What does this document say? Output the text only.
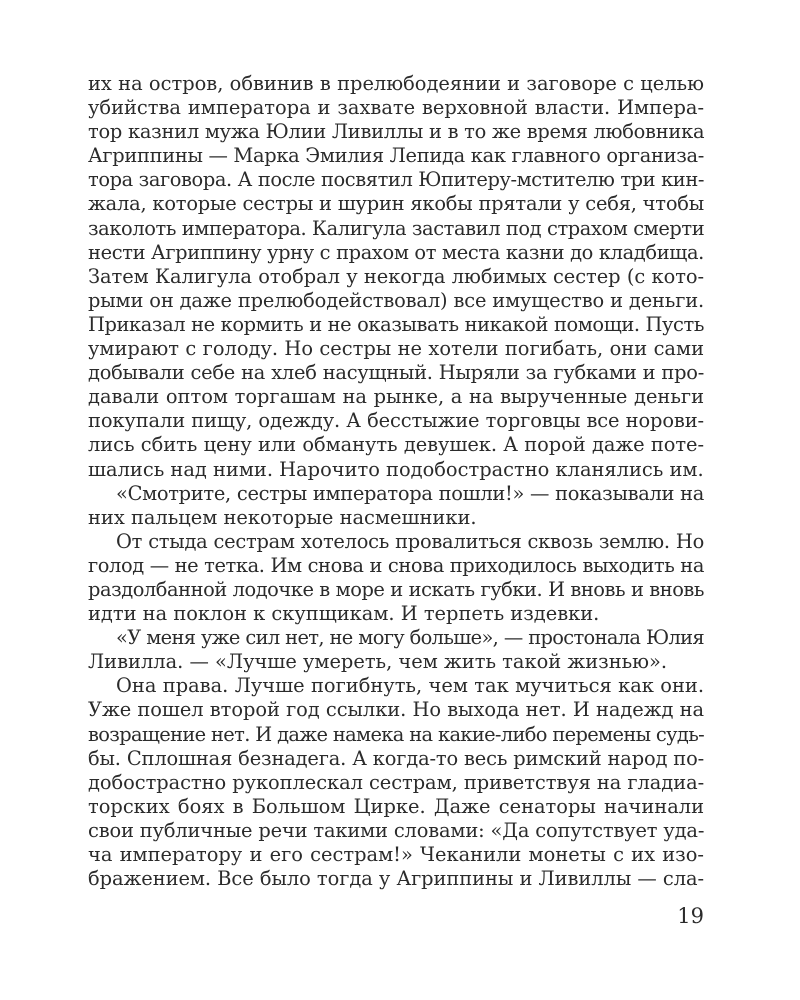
их на остров, обвинив в прелюбодеянии и заговоре с целью
убийства императора и захвате верховной власти. Импера-
тор казнил мужа Юлии Ливиллы и в то же время любовника
Агриппины — Марка Эмилия Лепида как главного организа-
тора заговора. А после посвятил Юпитеру-мстителю три кин-
жала, которые сестры и шурин якобы прятали у себя, чтобы
заколоть императора. Калигула заставил под страхом смерти
нести Агриппину урну с прахом от места казни до кладбища.
Затем Калигула отобрал у некогда любимых сестер (с кото-
рыми он даже прелюбодействовал) все имущество и деньги.
Приказал не кормить и не оказывать никакой помощи. Пусть
умирают с голоду. Но сестры не хотели погибать, они сами
добывали себе на хлеб насущный. Ныряли за губками и про-
давали оптом торгашам на рынке, а на вырученные деньги
покупали пищу, одежду. А бесстыжие торговцы все норови-
лись сбить цену или обмануть девушек. А порой даже поте-
шались над ними. Нарочито подобострастно кланялись им.
«Смотрите, сестры императора пошли!» — показывали на
них пальцем некоторые насмешники.
От стыда сестрам хотелось провалиться сквозь землю. Но
голод — не тетка. Им снова и снова приходилось выходить на
раздолбанной лодочке в море и искать губки. И вновь и вновь
идти на поклон к скупщикам. И терпеть издевки.
«У меня уже сил нет, не могу больше», — простонала Юлия
Ливилла. — «Лучше умереть, чем жить такой жизнью».
Она права. Лучше погибнуть, чем так мучиться как они.
Уже пошел второй год ссылки. Но выхода нет. И надежд на
возращение нет. И даже намека на какие-либо перемены судь-
бы. Сплошная безнадега. А когда-то весь римский народ по-
добострастно рукоплескал сестрам, приветствуя на гладиа-
торских боях в Большом Цирке. Даже сенаторы начинали
свои публичные речи такими словами: «Да сопутствует уда-
ча императору и его сестрам!» Чеканили монеты с их изо-
бражением. Все было тогда у Агриппины и Ливиллы — сла-
19
